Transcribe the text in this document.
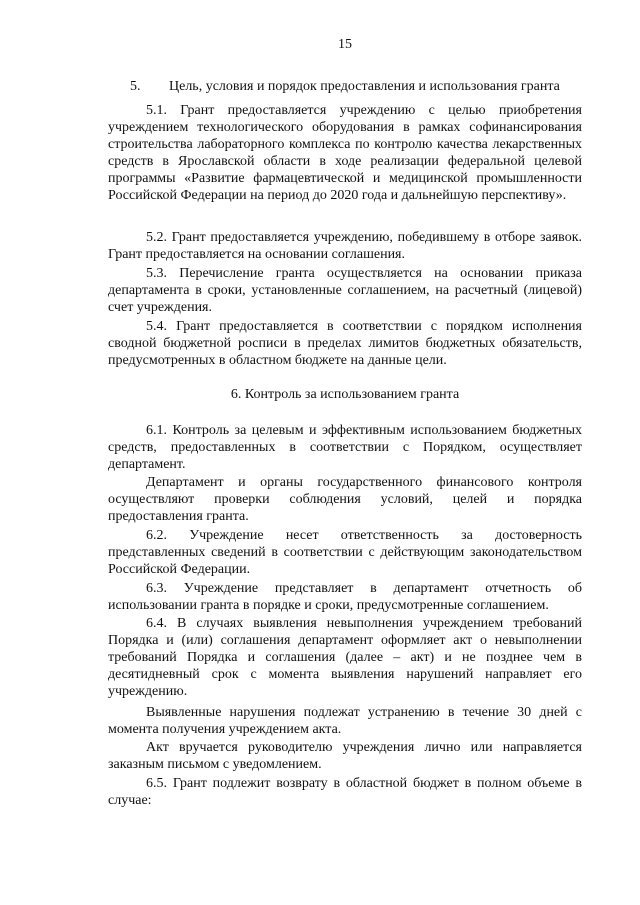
15
5. Цель, условия и порядок предоставления и использования гранта

5.1. Грант предоставляется учреждению с целью приобретения учреждением технологического оборудования в рамках софинансирования строительства лабораторного комплекса по контролю качества лекарственных средств в Ярославской области в ходе реализации федеральной целевой программы «Развитие фармацевтической и медицинской промышленности Российской Федерации на период до 2020 года и дальнейшую перспективу».

5.2. Грант предоставляется учреждению, победившему в отборе заявок. Грант предоставляется на основании соглашения.

5.3. Перечисление гранта осуществляется на основании приказа департамента в сроки, установленные соглашением, на расчетный (лицевой) счет учреждения.

5.4. Грант предоставляется в соответствии с порядком исполнения сводной бюджетной росписи в пределах лимитов бюджетных обязательств, предусмотренных в областном бюджете на данные цели.

6. Контроль за использованием гранта

6.1. Контроль за целевым и эффективным использованием бюджетных средств, предоставленных в соответствии с Порядком, осуществляет департамент.

Департамент и органы государственного финансового контроля осуществляют проверки соблюдения условий, целей и порядка предоставления гранта.

6.2. Учреждение несет ответственность за достоверность представленных сведений в соответствии с действующим законодательством Российской Федерации.

6.3. Учреждение представляет в департамент отчетность об использовании гранта в порядке и сроки, предусмотренные соглашением.

6.4. В случаях выявления невыполнения учреждением требований Порядка и (или) соглашения департамент оформляет акт о невыполнении требований Порядка и соглашения (далее – акт) и не позднее чем в десятидневный срок с момента выявления нарушений направляет его учреждению.

Выявленные нарушения подлежат устранению в течение 30 дней с момента получения учреждением акта.

Акт вручается руководителю учреждения лично или направляется заказным письмом с уведомлением.

6.5. Грант подлежит возврату в областной бюджет в полном объеме в случае:
